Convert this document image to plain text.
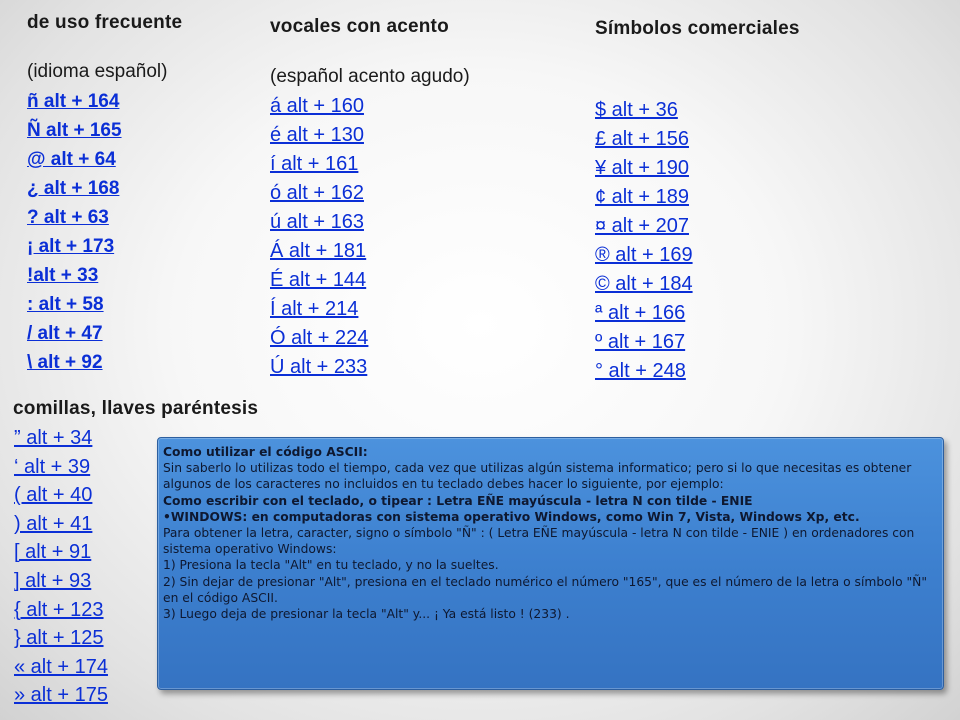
de uso frecuente
(idioma español)
ñ alt + 164
Ñ alt + 165
@ alt + 64
¿ alt + 168
? alt + 63
¡ alt + 173
!alt + 33
: alt + 58
/ alt + 47
\ alt + 92
vocales con acento
(español acento agudo)
á alt + 160
é alt + 130
í alt + 161
ó alt + 162
ú alt + 163
Á alt + 181
É alt + 144
Í alt + 214
Ó alt + 224
Ú alt + 233
Símbolos comerciales
$ alt + 36
£ alt + 156
¥ alt + 190
¢ alt + 189
¤ alt + 207
® alt + 169
© alt + 184
ª alt + 166
º alt + 167
° alt + 248
comillas, llaves paréntesis
” alt + 34
‘ alt + 39
( alt + 40
) alt + 41
[ alt + 91
] alt + 93
{ alt + 123
} alt + 125
« alt + 174
» alt + 175

Como utilizar el código ASCII:

Sin saberlo lo utilizas todo el tiempo, cada vez que utilizas algún sistema informatico; pero si lo que necesitas es obtener algunos de los caracteres no incluidos en tu teclado debes hacer lo siguiente, por ejemplo:

Como escribir con el teclado, o tipear : Letra EÑE mayúscula - letra N con tilde - ENIE

•WINDOWS: en computadoras con sistema operativo Windows, como Win 7, Vista, Windows Xp, etc.

Para obtener la letra, caracter, signo o símbolo "Ñ" : ( Letra EÑE mayúscula - letra N con tilde - ENIE ) en ordenadores con sistema operativo Windows:

1) Presiona la tecla "Alt" en tu teclado, y no la sueltes.

2) Sin dejar de presionar "Alt", presiona en el teclado numérico el número "165", que es el número de la letra o símbolo "Ñ" en el código ASCII.

3) Luego deja de presionar la tecla "Alt" y... ¡ Ya está listo ! (233) .
